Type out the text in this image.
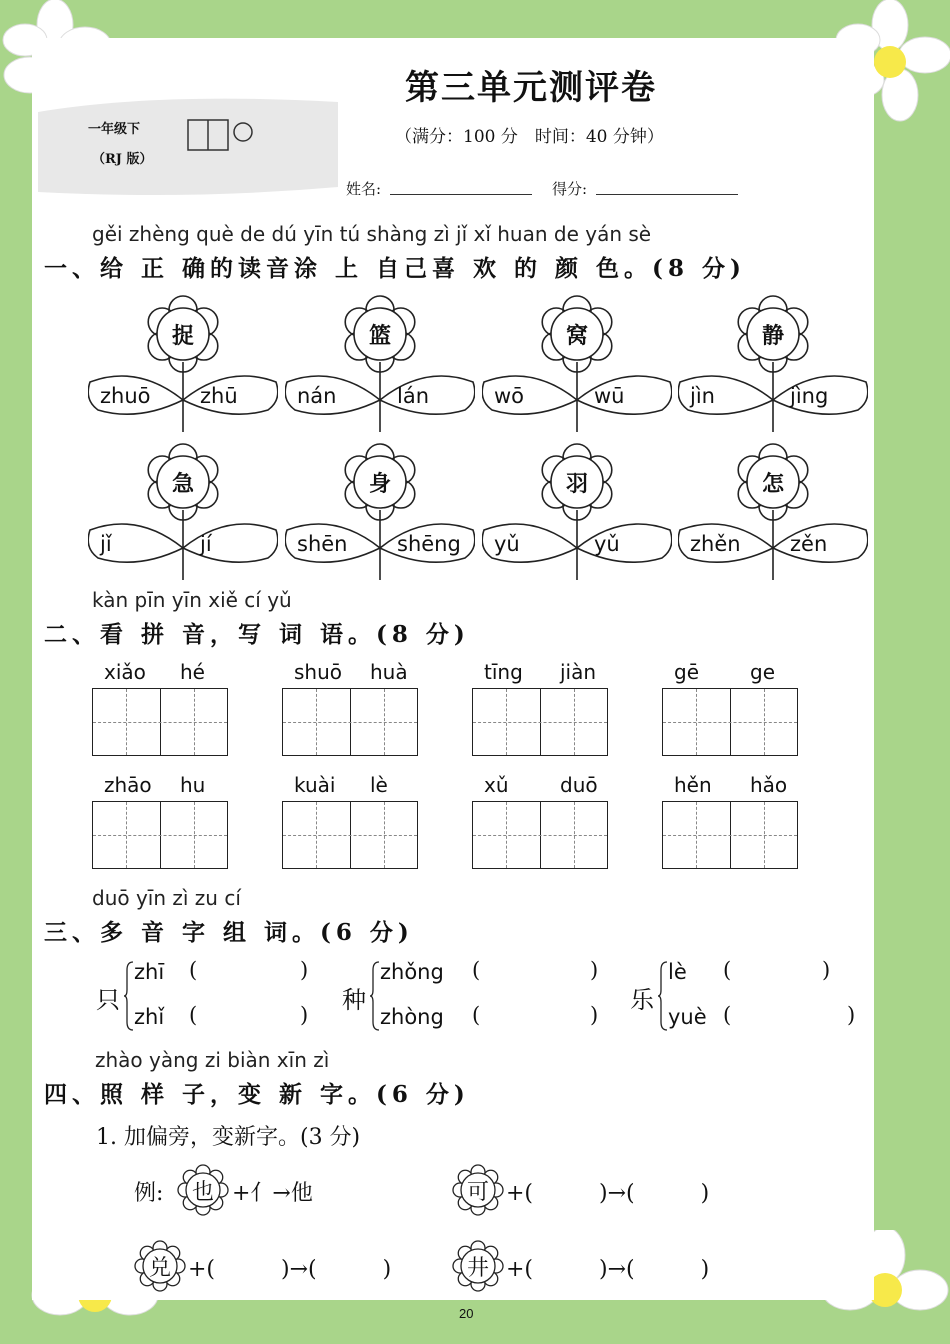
第三单元测评卷
（满分：100 分　时间：40 分钟）
一年级下
（RJ 版）
姓名:	得分:
gěi zhèng què de dú yīn tú shàng zì jǐ xǐ huan de yán sè
一、给 正 确的读音涂 上 自己喜 欢 的 颜 色。(8 分)
捉
zhuō zhū
篮
nán	lán
窝
wō	wū
静
jìn	jìng
急
jǐ	jí
身
shēn shēng
羽
yǔ	yǔ
怎
zhěn zěn
kàn pīn yīn xiě cí yǔ
二、看 拼 音，写 词 语。(8 分)
xiǎo hé	shuō huà	tīng jiàn	gē	ge
zhāo hu	kuài lè	xǔ	duō	hěn hǎo
duō yīn zì zu cí
三、多 音 字 组 词。(6 分)
只
zhī (	)
zhǐ (	)
种
zhǒng (	)
zhòng (	)
乐
lè (	)
yuè (	)
zhào yàng zi biàn xīn zì
四、照 样 子，变 新 字。(6 分)
1. 加偏旁，变新字。(3 分)
例: 也 +亻→他	可 +(　　　)→(　　　)
兑 +(　　　)→(　　　)	井 +(　　　)→(　　　)
20
